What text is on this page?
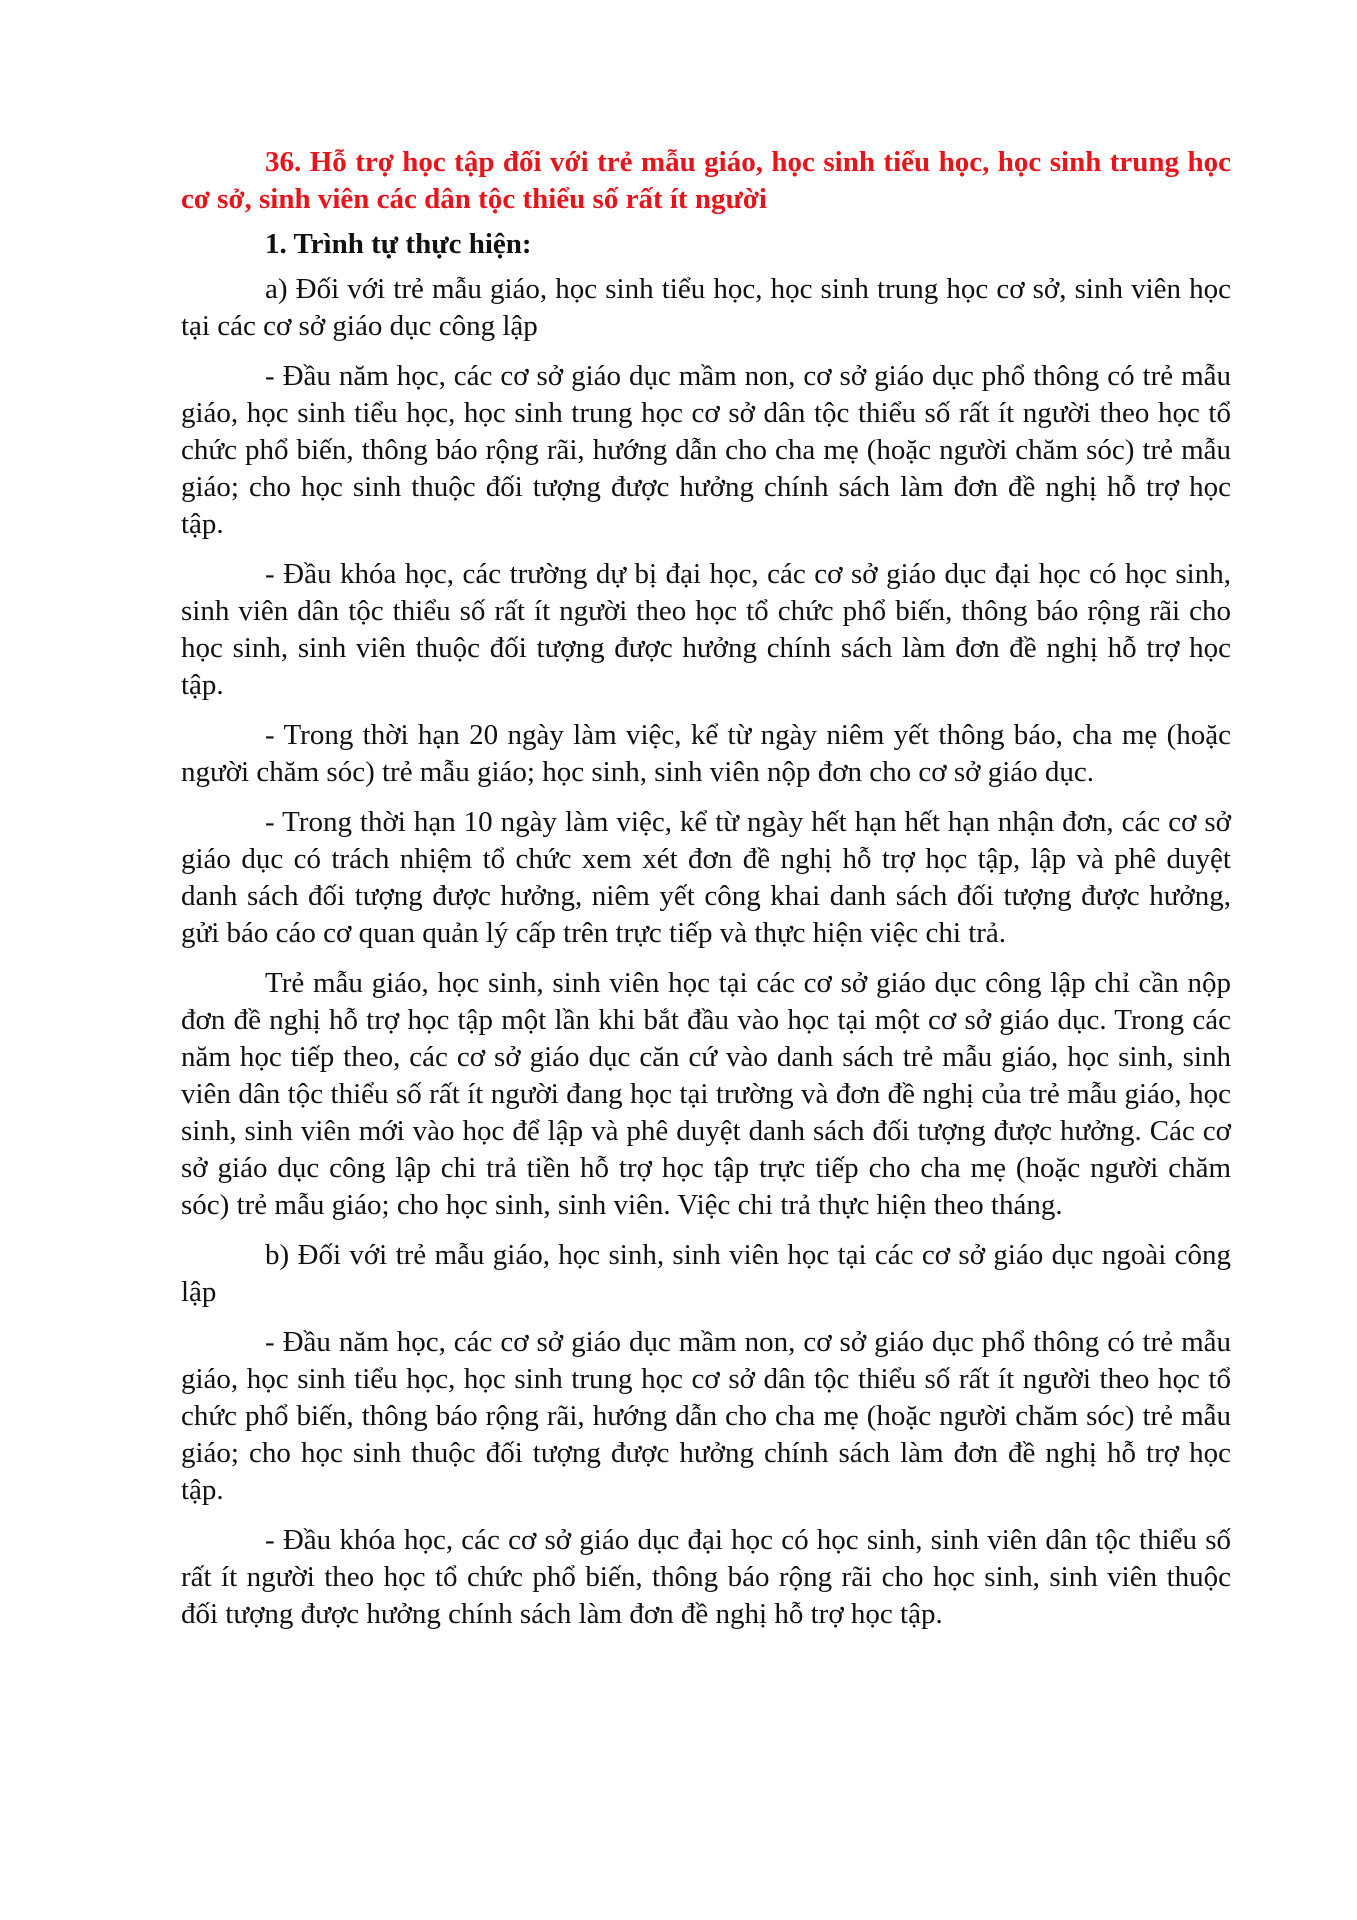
36. Hỗ trợ học tập đối với trẻ mẫu giáo, học sinh tiểu học, học sinh trung học cơ sở, sinh viên các dân tộc thiểu số rất ít người

1. Trình tự thực hiện:

a) Đối với trẻ mẫu giáo, học sinh tiểu học, học sinh trung học cơ sở, sinh viên học tại các cơ sở giáo dục công lập

- Đầu năm học, các cơ sở giáo dục mầm non, cơ sở giáo dục phổ thông có trẻ mẫu giáo, học sinh tiểu học, học sinh trung học cơ sở dân tộc thiểu số rất ít người theo học tổ chức phổ biến, thông báo rộng rãi, hướng dẫn cho cha mẹ (hoặc người chăm sóc) trẻ mẫu giáo; cho học sinh thuộc đối tượng được hưởng chính sách làm đơn đề nghị hỗ trợ học tập.

- Đầu khóa học, các trường dự bị đại học, các cơ sở giáo dục đại học có học sinh, sinh viên dân tộc thiểu số rất ít người theo học tổ chức phổ biến, thông báo rộng rãi cho học sinh, sinh viên thuộc đối tượng được hưởng chính sách làm đơn đề nghị hỗ trợ học tập.

- Trong thời hạn 20 ngày làm việc, kể từ ngày niêm yết thông báo, cha mẹ (hoặc người chăm sóc) trẻ mẫu giáo; học sinh, sinh viên nộp đơn cho cơ sở giáo dục.

- Trong thời hạn 10 ngày làm việc, kể từ ngày hết hạn hết hạn nhận đơn, các cơ sở giáo dục có trách nhiệm tổ chức xem xét đơn đề nghị hỗ trợ học tập, lập và phê duyệt danh sách đối tượng được hưởng, niêm yết công khai danh sách đối tượng được hưởng, gửi báo cáo cơ quan quản lý cấp trên trực tiếp và thực hiện việc chi trả.

Trẻ mẫu giáo, học sinh, sinh viên học tại các cơ sở giáo dục công lập chỉ cần nộp đơn đề nghị hỗ trợ học tập một lần khi bắt đầu vào học tại một cơ sở giáo dục. Trong các năm học tiếp theo, các cơ sở giáo dục căn cứ vào danh sách trẻ mẫu giáo, học sinh, sinh viên dân tộc thiểu số rất ít người đang học tại trường và đơn đề nghị của trẻ mẫu giáo, học sinh, sinh viên mới vào học để lập và phê duyệt danh sách đối tượng được hưởng. Các cơ sở giáo dục công lập chi trả tiền hỗ trợ học tập trực tiếp cho cha mẹ (hoặc người chăm sóc) trẻ mẫu giáo; cho học sinh, sinh viên. Việc chi trả thực hiện theo tháng.

b) Đối với trẻ mẫu giáo, học sinh, sinh viên học tại các cơ sở giáo dục ngoài công lập

- Đầu năm học, các cơ sở giáo dục mầm non, cơ sở giáo dục phổ thông có trẻ mẫu giáo, học sinh tiểu học, học sinh trung học cơ sở dân tộc thiểu số rất ít người theo học tổ chức phổ biến, thông báo rộng rãi, hướng dẫn cho cha mẹ (hoặc người chăm sóc) trẻ mẫu giáo; cho học sinh thuộc đối tượng được hưởng chính sách làm đơn đề nghị hỗ trợ học tập.

- Đầu khóa học, các cơ sở giáo dục đại học có học sinh, sinh viên dân tộc thiểu số rất ít người theo học tổ chức phổ biến, thông báo rộng rãi cho học sinh, sinh viên thuộc đối tượng được hưởng chính sách làm đơn đề nghị hỗ trợ học tập.
